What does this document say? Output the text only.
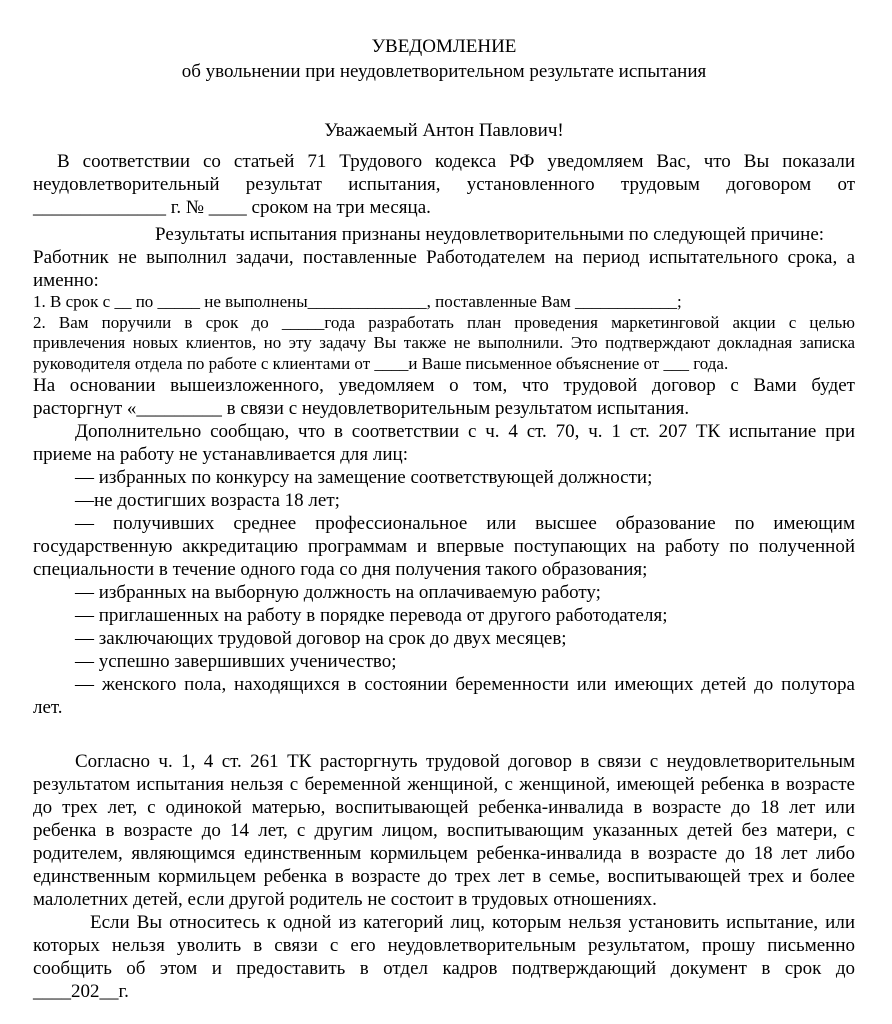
УВЕДОМЛЕНИЕ
об увольнении при неудовлетворительном результате испытания
Уважаемый Антон Павлович!
В соответствии со статьей 71 Трудового кодекса РФ уведомляем Вас, что Вы показали
неудовлетворительный результат испытания, установленного трудовым договором от
______________ г. № ____ сроком на три месяца.
Результаты испытания признаны неудовлетворительными по следующей причине:
Работник не выполнил задачи, поставленные Работодателем на период испытательного срока, а
именно:
1. В срок с __ по _____ не выполнены______________, поставленные Вам ____________;
2. Вам поручили в срок до _____года разработать план проведения маркетинговой акции с целью
привлечения новых клиентов, но эту задачу Вы также не выполнили. Это подтверждают докладная записка
руководителя отдела по работе с клиентами от ____и Ваше письменное объяснение от ___ года.
На основании вышеизложенного, уведомляем о том, что трудовой договор с Вами будет
расторгнут «_________ в связи с неудовлетворительным результатом испытания.
Дополнительно сообщаю, что в соответствии с ч. 4 ст. 70, ч. 1 ст. 207 ТК испытание при
приеме на работу не устанавливается для лиц:
— избранных по конкурсу на замещение соответствующей должности;
—не достигших возраста 18 лет;
— получивших среднее профессиональное или высшее образование по имеющим
государственную аккредитацию программам и впервые поступающих на работу по полученной
специальности в течение одного года со дня получения такого образования;
— избранных на выборную должность на оплачиваемую работу;
— приглашенных на работу в порядке перевода от другого работодателя;
— заключающих трудовой договор на срок до двух месяцев;
— успешно завершивших ученичество;
— женского пола, находящихся в состоянии беременности или имеющих детей до полутора
лет.
Согласно ч. 1, 4 ст. 261 ТК расторгнуть трудовой договор в связи с неудовлетворительным
результатом испытания нельзя с беременной женщиной, с женщиной, имеющей ребенка в возрасте
до трех лет, с одинокой матерью, воспитывающей ребенка-инвалида в возрасте до 18 лет или
ребенка в возрасте до 14 лет, с другим лицом, воспитывающим указанных детей без матери, с
родителем, являющимся единственным кормильцем ребенка-инвалида в возрасте до 18 лет либо
единственным кормильцем ребенка в возрасте до трех лет в семье, воспитывающей трех и более
малолетних детей, если другой родитель не состоит в трудовых отношениях.
Если Вы относитесь к одной из категорий лиц, которым нельзя установить испытание, или
которых нельзя уволить в связи с его неудовлетворительным результатом, прошу письменно
сообщить об этом и предоставить в отдел кадров подтверждающий документ в срок до
____202__г.
